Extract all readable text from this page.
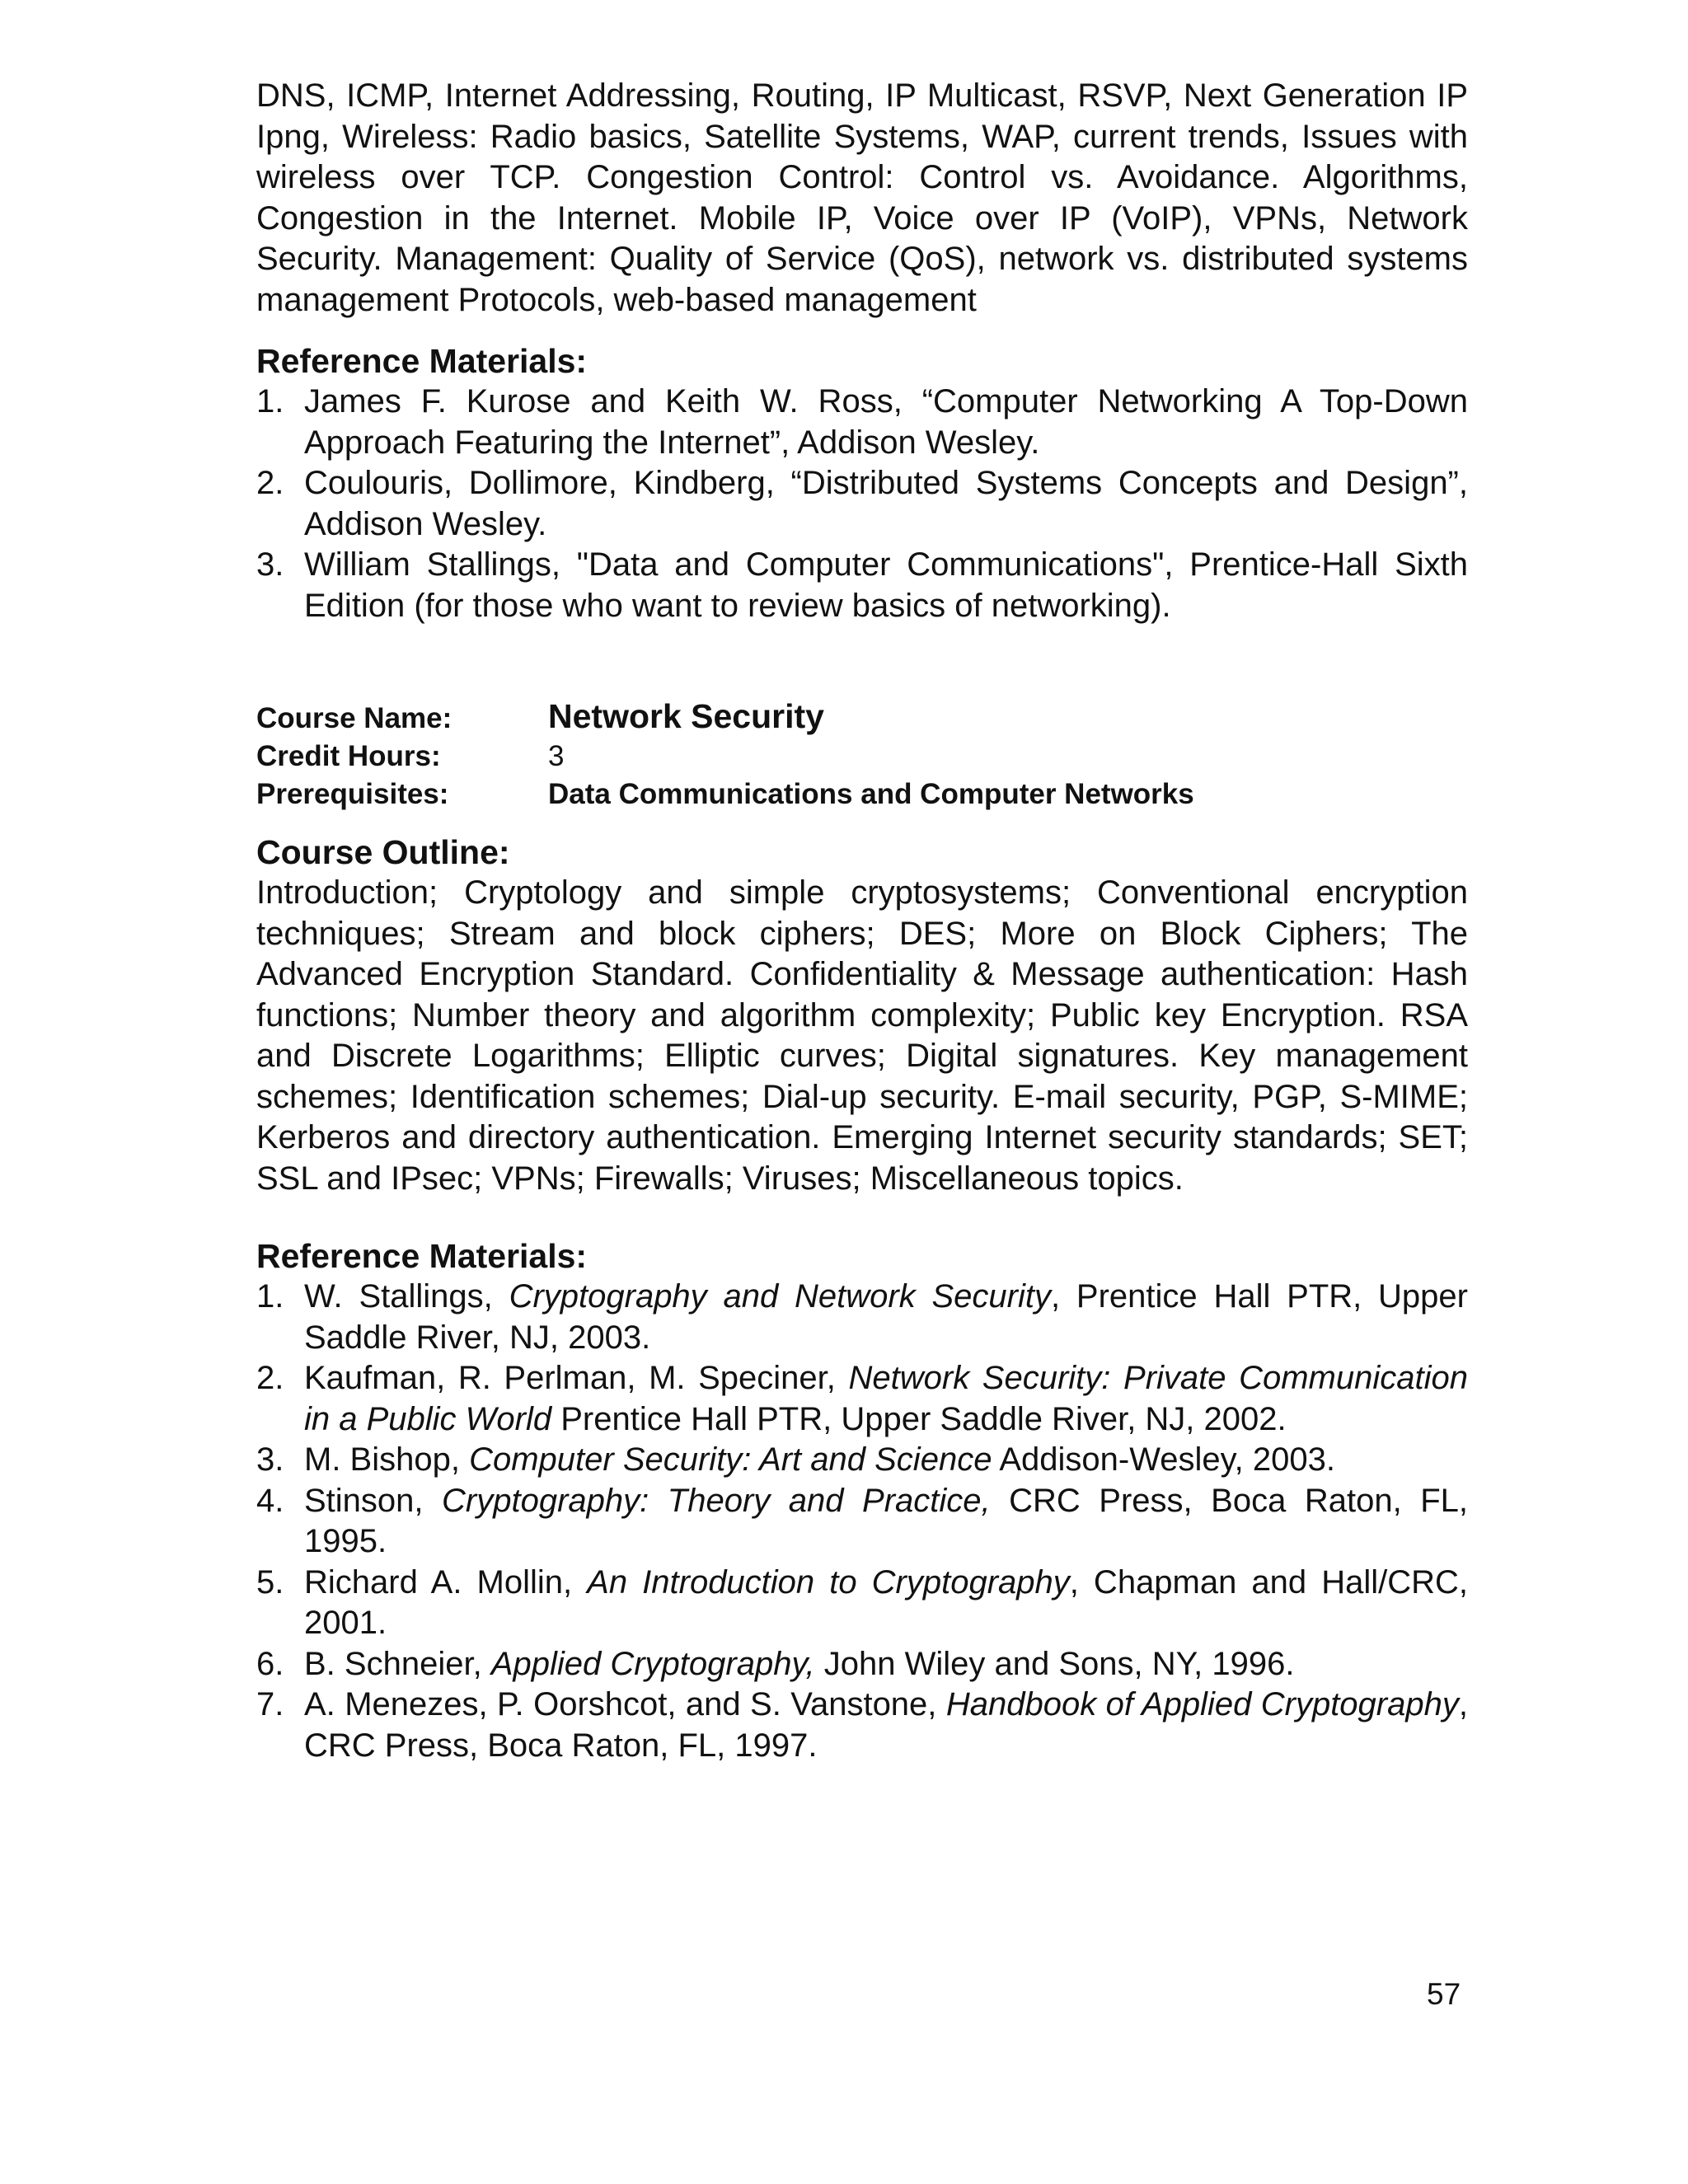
DNS, ICMP, Internet Addressing, Routing, IP Multicast, RSVP, Next Generation IP Ipng, Wireless: Radio basics, Satellite Systems, WAP, current trends, Issues with wireless over TCP. Congestion Control: Control vs. Avoidance. Algorithms, Congestion in the Internet. Mobile IP, Voice over IP (VoIP), VPNs, Network Security. Management: Quality of Service (QoS), network vs. distributed systems management Protocols, web-based management

Reference Materials:
1. James F. Kurose and Keith W. Ross, “Computer Networking A Top-Down Approach Featuring the Internet”, Addison Wesley.
2. Coulouris, Dollimore, Kindberg, “Distributed Systems Concepts and Design”, Addison Wesley.
3. William Stallings, "Data and Computer Communications", Prentice-Hall Sixth Edition (for those who want to review basics of networking).
Course Name:	Network Security
Credit Hours:	3
Prerequisites:	Data Communications and Computer Networks
Course Outline:

Introduction; Cryptology and simple cryptosystems; Conventional encryption techniques; Stream and block ciphers; DES; More on Block Ciphers; The Advanced Encryption Standard. Confidentiality & Message authentication: Hash functions; Number theory and algorithm complexity; Public key Encryption. RSA and Discrete Logarithms; Elliptic curves; Digital signatures. Key management schemes; Identification schemes; Dial-up security. E-mail security, PGP, S-MIME; Kerberos and directory authentication. Emerging Internet security standards; SET; SSL and IPsec; VPNs; Firewalls; Viruses; Miscellaneous topics.

Reference Materials:
1. W. Stallings, Cryptography and Network Security, Prentice Hall PTR, Upper Saddle River, NJ, 2003.
2. Kaufman, R. Perlman, M. Speciner, Network Security: Private Communication in a Public World Prentice Hall PTR, Upper Saddle River, NJ, 2002.
3. M. Bishop, Computer Security: Art and Science Addison-Wesley, 2003.
4. Stinson, Cryptography: Theory and Practice, CRC Press, Boca Raton, FL, 1995.
5. Richard A. Mollin, An Introduction to Cryptography, Chapman and Hall/CRC, 2001.
6. B. Schneier, Applied Cryptography, John Wiley and Sons, NY, 1996.
7. A. Menezes, P. Oorshcot, and S. Vanstone, Handbook of Applied Cryptography, CRC Press, Boca Raton, FL, 1997.
57
